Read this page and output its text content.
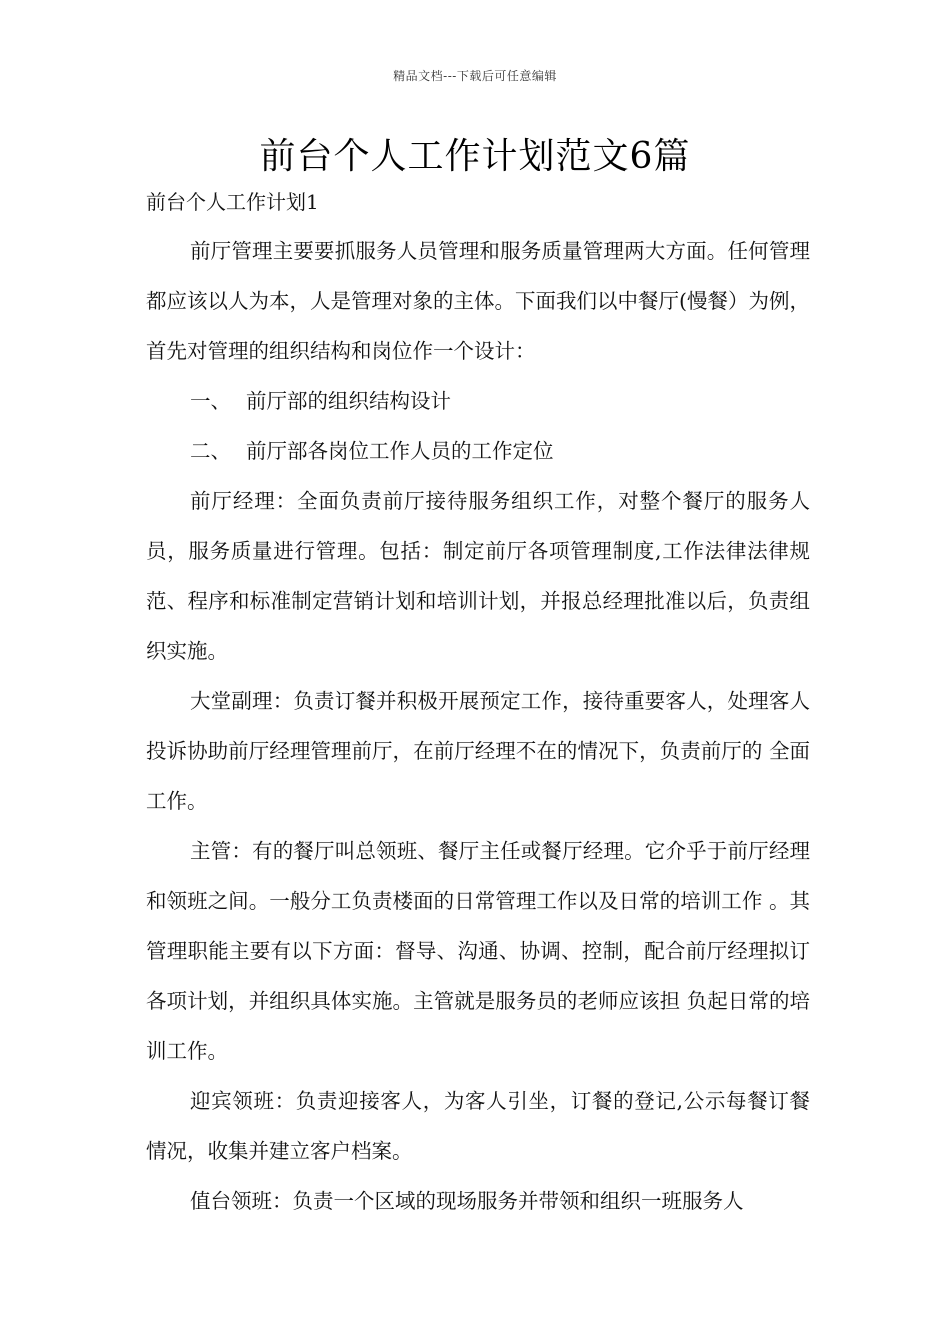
精品文档---下载后可任意编辑
前台个人工作计划范文6篇
前台个人工作计划1

前厅管理主要要抓服务人员管理和服务质量管理两大方面。任何管理都应该以人为本，人是管理对象的主体。下面我们以中餐厅(慢餐）为例，首先对管理的组织结构和岗位作一个设计：

一、 前厅部的组织结构设计

二、 前厅部各岗位工作人员的工作定位

前厅经理：全面负责前厅接待服务组织工作，对整个餐厅的服务人员，服务质量进行管理。包括：制定前厅各项管理制度,工作法律法律规范、程序和标准制定营销计划和培训计划，并报总经理批准以后，负责组织实施。

大堂副理：负责订餐并积极开展预定工作，接待重要客人，处理客人投诉协助前厅经理管理前厅，在前厅经理不在的情况下，负责前厅的 全面工作。

主管：有的餐厅叫总领班、餐厅主任或餐厅经理。它介乎于前厅经理和领班之间。一般分工负责楼面的日常管理工作以及日常的培训工作 。其管理职能主要有以下方面：督导、沟通、协调、控制，配合前厅经理拟订各项计划，并组织具体实施。主管就是服务员的老师应该担 负起日常的培训工作。

迎宾领班：负责迎接客人，为客人引坐，订餐的登记,公示每餐订餐情况，收集并建立客户档案。

值台领班：负责一个区域的现场服务并带领和组织一班服务人
